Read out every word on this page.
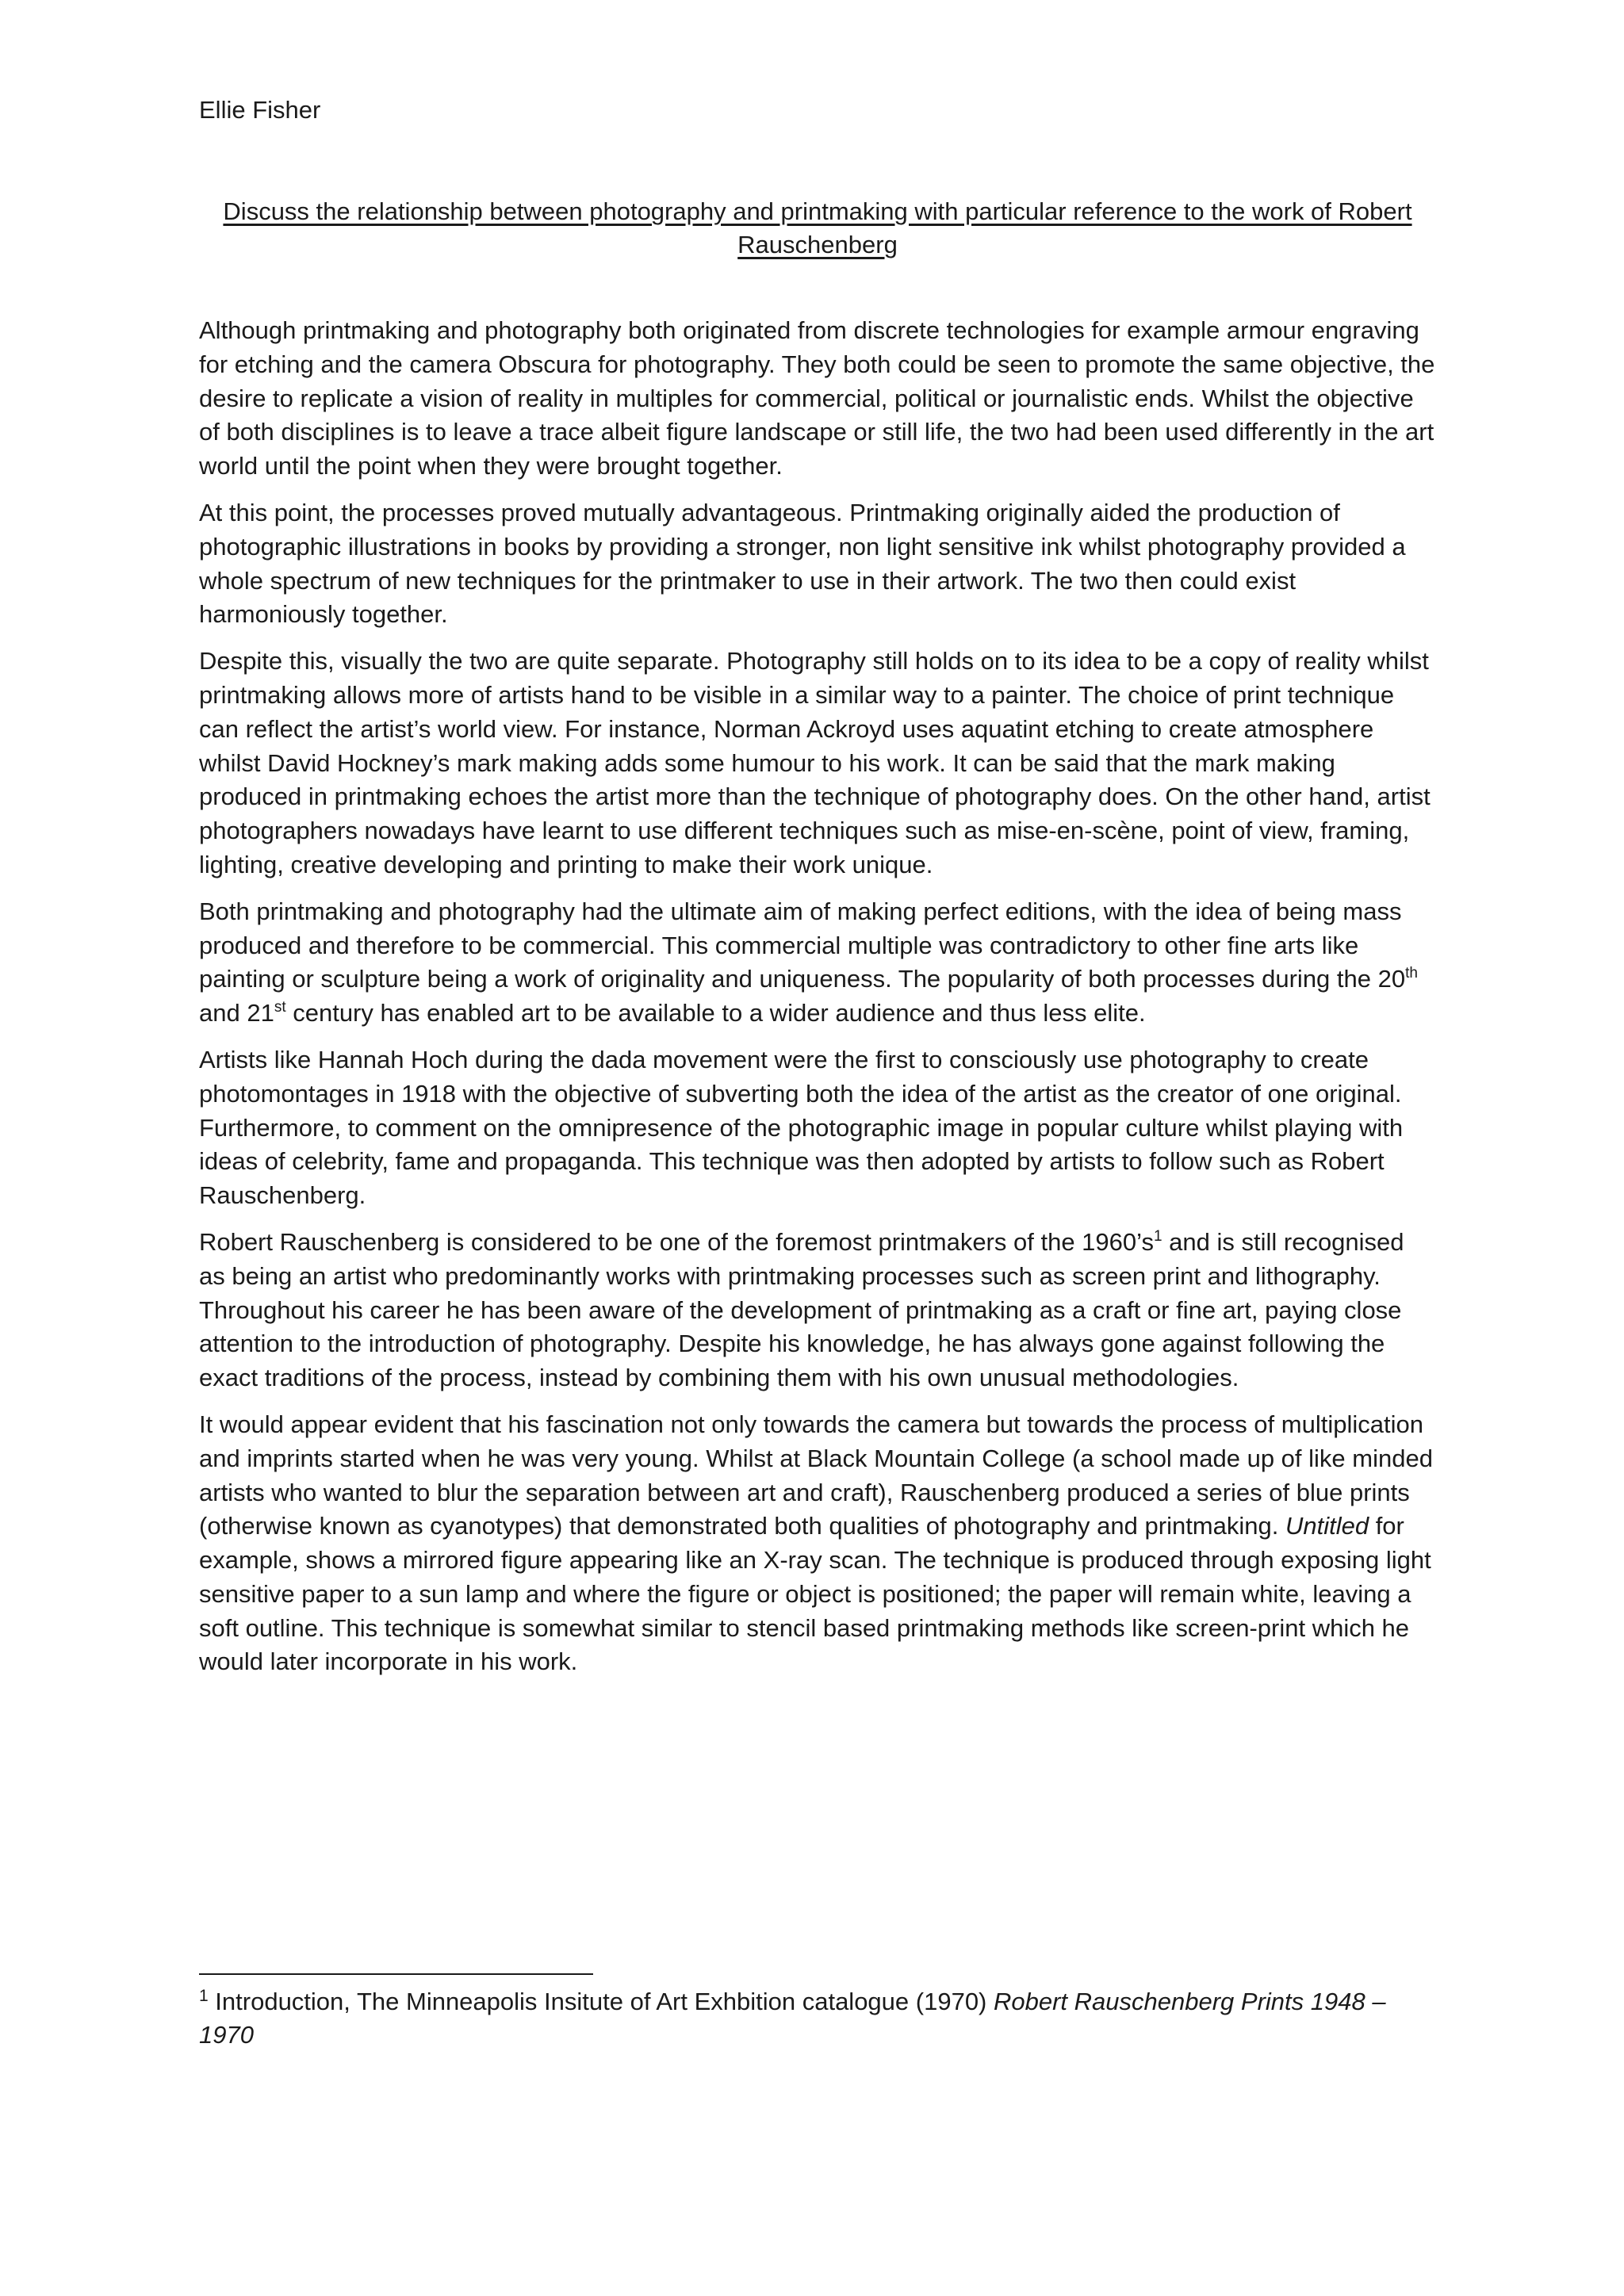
Ellie Fisher

Discuss the relationship between photography and printmaking with particular reference to the work of Robert Rauschenberg

Although printmaking and photography both originated from discrete technologies for example armour engraving for etching and the camera Obscura for photography. They both could be seen to promote the same objective, the desire to replicate a vision of reality in multiples for commercial, political or journalistic ends. Whilst the objective of both disciplines is to leave a trace albeit figure landscape or still life, the two had been used differently in the art world until the point when they were brought together.

At this point, the processes proved mutually advantageous. Printmaking originally aided the production of photographic illustrations in books by providing a stronger, non light sensitive ink whilst photography provided a whole spectrum of new techniques for the printmaker to use in their artwork. The two then could exist harmoniously together.

Despite this, visually the two are quite separate. Photography still holds on to its idea to be a copy of reality whilst printmaking allows more of artists hand to be visible in a similar way to a painter. The choice of print technique can reflect the artist’s world view. For instance, Norman Ackroyd uses aquatint etching to create atmosphere whilst David Hockney’s mark making adds some humour to his work. It can be said that the mark making produced in printmaking echoes the artist more than the technique of photography does. On the other hand, artist photographers nowadays have learnt to use different techniques such as mise-en-scène, point of view, framing, lighting, creative developing and printing to make their work unique.

Both printmaking and photography had the ultimate aim of making perfect editions, with the idea of being mass produced and therefore to be commercial. This commercial multiple was contradictory to other fine arts like painting or sculpture being a work of originality and uniqueness. The popularity of both processes during the 20th and 21st century has enabled art to be available to a wider audience and thus less elite.

Artists like Hannah Hoch during the dada movement were the first to consciously use photography to create photomontages in 1918 with the objective of subverting both the idea of the artist as the creator of one original. Furthermore, to comment on the omnipresence of the photographic image in popular culture whilst playing with ideas of celebrity, fame and propaganda. This technique was then adopted by artists to follow such as Robert Rauschenberg.

Robert Rauschenberg is considered to be one of the foremost printmakers of the $1960’s^1$ and is still recognised as being an artist who predominantly works with printmaking processes such as screen print and lithography. Throughout his career he has been aware of the development of printmaking as a craft or fine art, paying close attention to the introduction of photography. Despite his knowledge, he has always gone against following the exact traditions of the process, instead by combining them with his own unusual methodologies.

It would appear evident that his fascination not only towards the camera but towards the process of multiplication and imprints started when he was very young. Whilst at Black Mountain College (a school made up of like minded artists who wanted to blur the separation between art and craft), Rauschenberg produced a series of blue prints (otherwise known as cyanotypes) that demonstrated both qualities of photography and printmaking. Untitled for example, shows a mirrored figure appearing like an X-ray scan. The technique is produced through exposing light sensitive paper to a sun lamp and where the figure or object is positioned; the paper will remain white, leaving a soft outline. This technique is somewhat similar to stencil based printmaking methods like screen-print which he would later incorporate in his work.

$^1$ Introduction, The Minneapolis Insitute of Art Exhbition catalogue (1970) Robert Rauschenberg Prints 1948 – 1970
